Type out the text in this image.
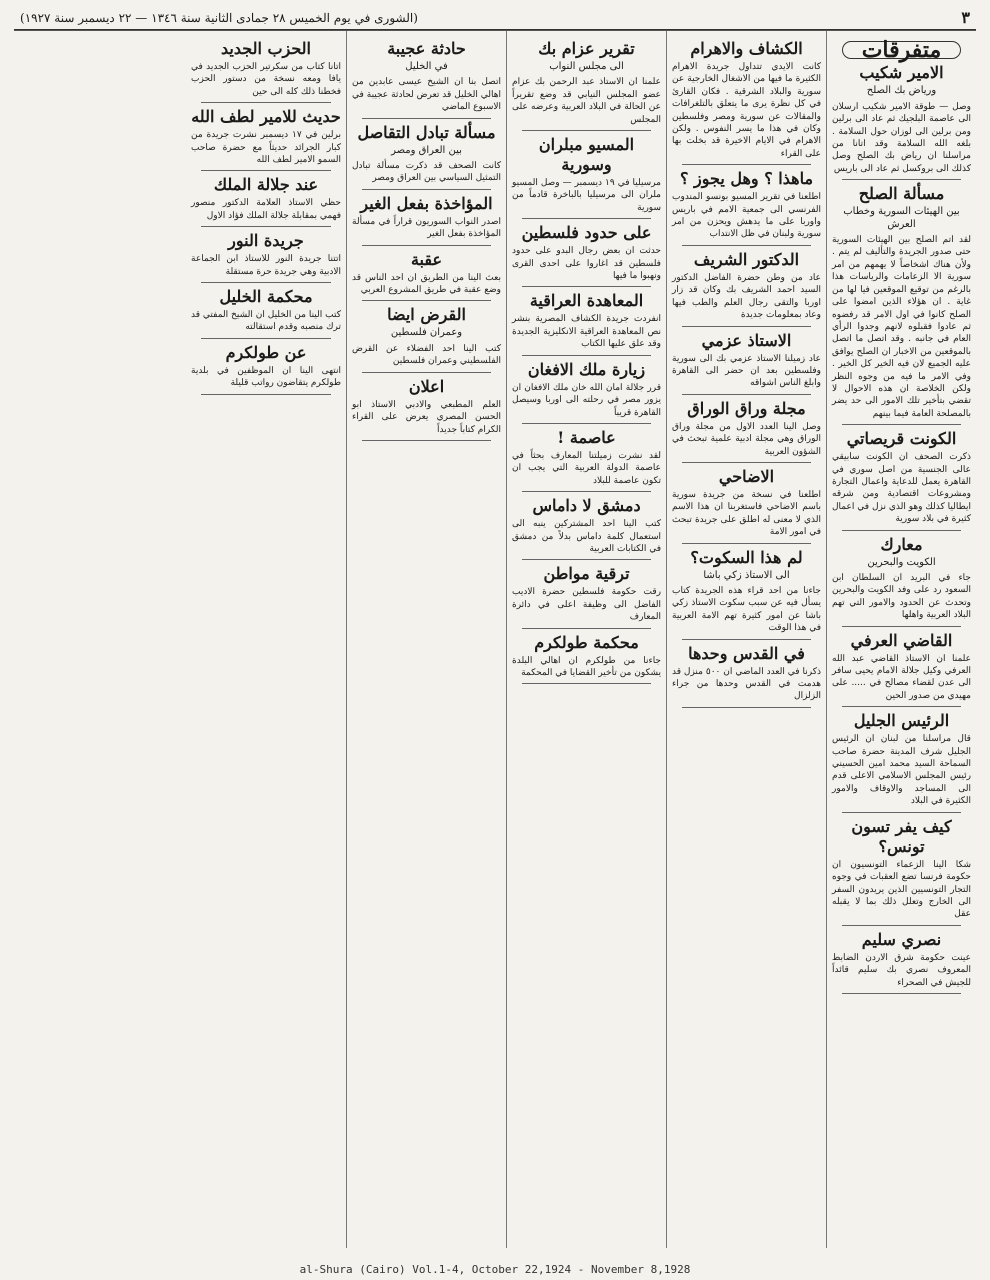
٣
(الشورى في يوم الخميس ٢٨ جمادى الثانية سنة ١٣٤٦ — ٢٢ ديسمبر سنة ١٩٢٧)
متفرقات
الامير شكيب
ورياض بك الصلح
وصل — طوقة الامير شكيب ارسلان الى عاصمة البلجيك ثم عاد الى برلين ومن برلين الى لوزان حول السلامة . بلغه الله السلامة وقد اتانا من مراسلنا ان رياض بك الصلح وصل كذلك الى بروكسل ثم عاد الى باريس
مسألة الصلح
بين الهيئات السورية وخطاب العرش
لقد اتم الصلح بين الهيئات السورية حتى صدور الجريدة والتأليف لم يتم . ولأن هناك اشخاصاً لا يهمهم من امر سورية الا الزعامات والرياسات هذا بالرغم من توقيع الموقعين فيا لها من غاية . ان هؤلاء الذين امضوا على الصلح كانوا في اول الامر قد رفضوه ثم عادوا فقبلوه لانهم وجدوا الرأي العام في جانبه . وقد اتصل ما اتصل بالموقعين من الاخبار ان الصلح يوافق عليه الجميع لان فيه الخير كل الخير . وفي الامر ما فيه من وجوه النظر ولكن الخلاصة ان هذه الاحوال لا تقضي بتأخير تلك الامور الى حد يضر بالمصلحة العامة فيما بينهم
الكونت قريصاتي
ذكرت الصحف ان الكونت سابيقي عالى الجنسية من اصل سوري في القاهرة يعمل للدعاية واعمال التجارة ومشروعات اقتصادية ومن شرقه ايطاليا كذلك وهو الذي نزل في اعمال كثيرة في بلاد سورية
معارك
الكويت والبحرين
جاء في البريد ان السلطان ابن السعود رد على وفد الكويت والبحرين وتحدث عن الحدود والامور التي تهم البلاد العربية واهلها
القاضي العرفي
علمنا ان الاستاذ القاضي عبد الله العرفي وكيل جلالة الامام يحيى سافر الى عدن لقضاء مصالح في ..... على مهيدي من صدور الحين
الرئيس الجليل
قال مراسلنا من لبنان ان الرئيس الجليل شرف المدينة حضرة صاحب السماحة السيد محمد امين الحسيني رئيس المجلس الاسلامي الاعلى قدم الى المساجد والاوقاف والامور الكثيرة في البلاد
كيف يفر تسون تونس؟
شكا الينا الزعماء التونسيون ان حكومة فرنسا تضع العقبات في وجوه التجار التونسيين الذين يريدون السفر الى الخارج وتعلل ذلك بما لا يقبله عقل
نصري سليم
عينت حكومة شرق الاردن الضابط المعروف نصري بك سليم قائداً للجيش في الصحراء
الكشاف والاهرام
كانت الايدي تتداول جريدة الاهرام الكثيرة ما فيها من الاشغال الخارجية عن سورية والبلاد الشرقية . فكان القارئ في كل نظرة يرى ما يتعلق بالتلغرافات والمقالات عن سورية ومصر وفلسطين وكان في هذا ما يسر النفوس . ولكن الاهرام في الايام الاخيرة قد بخلت بها على القراء
ماهذا ؟ وهل يجوز ؟
اطلعنا في تقرير المسيو بونسو المندوب الفرنسي الى جمعية الامم في باريس واوربا على ما يدهش ويحزن من امر سورية ولبنان في ظل الانتداب
الدكتور الشريف
عاد من وطن حضرة الفاضل الدكتور السيد احمد الشريف بك وكان قد زار اوربا والتقى رجال العلم والطب فيها وعاد بمعلومات جديدة
الاستاذ عزمي
عاد زميلنا الاستاذ عزمي بك الى سورية وفلسطين بعد ان حضر الى القاهرة وابلغ الناس اشواقه
مجلة وراق الوراق
وصل الينا العدد الاول من مجلة وراق الوراق وهي مجلة ادبية علمية تبحث في الشؤون العربية
الاضاحي
اطلعنا في نسخة من جريدة سورية باسم الاضاحي فاستغربنا ان هذا الاسم الذي لا معنى له اطلق على جريدة تبحث في امور الامة
لم هذا السكوت؟
الى الاستاذ زكي باشا
جاءنا من احد قراء هذه الجريدة كتاب يسأل فيه عن سبب سكوت الاستاذ زكي باشا عن امور كثيرة تهم الامة العربية في هذا الوقت
في القدس وحدها
ذكرنا في العدد الماضي ان ٥٠٠ منزل قد هدمت في القدس وحدها من جراء الزلزال
تقرير عزام بك
الى مجلس النواب
علمنا ان الاستاذ عبد الرحمن بك عزام عضو المجلس النيابي قد وضع تقريراً عن الحالة في البلاد العربية وعرضه على المجلس
المسيو مبلران وسورية
مرسيليا في ١٩ ديسمبر — وصل المسيو ملران الى مرسيليا بالباخرة قادماً من سورية
على حدود فلسطين
حدثت ان بعض رجال البدو على حدود فلسطين قد اغاروا على احدى القرى ونهبوا ما فيها
المعاهدة العراقية
انفردت جريدة الكشاف المصرية بنشر نص المعاهدة العراقية الانكليزية الجديدة وقد علق عليها الكتاب
زيارة ملك الافغان
قرر جلالة امان الله خان ملك الافغان ان يزور مصر في رحلته الى اوربا وسيصل القاهرة قريباً
عاصمة !
لقد نشرت زميلتنا المعارف بحثاً في عاصمة الدولة العربية التي يجب ان تكون عاصمة للبلاد
دمشق لا داماس
كتب الينا احد المشتركين ينبه الى استعمال كلمة داماس بدلاً من دمشق في الكتابات العربية
ترقية مواطن
رقت حكومة فلسطين حضرة الاديب الفاضل الى وظيفة اعلى في دائرة المعارف
محكمة طولكرم
جاءنا من طولكرم ان اهالي البلدة يشكون من تأخير القضايا في المحكمة
حادثة عجيبة
في الخليل
اتصل بنا ان الشيخ عيسى عابدين من اهالي الخليل قد تعرض لحادثة عجيبة في الاسبوع الماضي
مسألة تبادل التقاصل
بين العراق ومصر
كانت الصحف قد ذكرت مسألة تبادل التمثيل السياسي بين العراق ومصر
المؤاخذة بفعل الغير
اصدر النواب السوريون قراراً في مسألة المؤاخذة بفعل الغير
عقبة
بعث الينا من الطريق ان احد الناس قد وضع عقبة في طريق المشروع العربي
القرض ايضا
وعمران فلسطين
كتب الينا احد الفضلاء عن القرض الفلسطيني وعمران فلسطين
اعلان
العلم المطبعي والادبي الاستاذ ابو الحسن المصري يعرض على القراء الكرام كتاباً جديداً
الحزب الجديد
اتانا كتاب من سكرتير الحزب الجديد في يافا ومعه نسخة من دستور الحزب فخطنا ذلك كله الى حين
حديث للامير لطف الله
برلين في ١٧ ديسمبر نشرت جريدة من كبار الجرائد حديثاً مع حضرة صاحب السمو الامير لطف الله
عند جلالة الملك
حظي الاستاذ العلامة الدكتور منصور فهمي بمقابلة جلالة الملك فؤاد الاول
جريدة النور
اتتنا جريدة النور للاستاذ ابن الجماعة الادبية وهي جريدة حرة مستقلة
محكمة الخليل
كتب الينا من الخليل ان الشيخ المفتي قد ترك منصبه وقدم استقالته
عن طولكرم
انتهى الينا ان الموظفين في بلدية طولكرم يتقاضون رواتب قليلة
al-Shura (Cairo) Vol.1-4, October 22,1924 - November 8,1928
